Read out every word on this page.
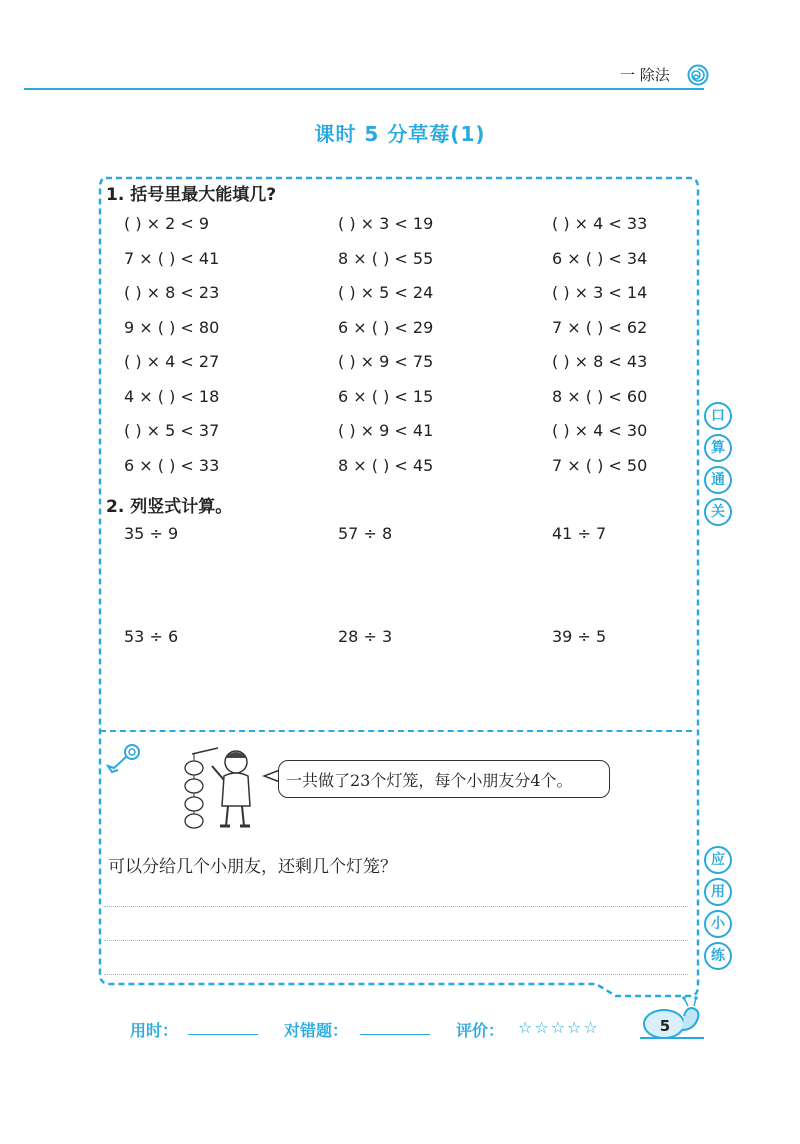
一 除法
课时 5 分草莓(1)
1. 括号里最大能填几?
( ) × 2 < 9	( ) × 3 < 19	( ) × 4 < 33
7 × ( ) < 41	8 × ( ) < 55	6 × ( ) < 34
( ) × 8 < 23	( ) × 5 < 24	( ) × 3 < 14
9 × ( ) < 80	6 × ( ) < 29	7 × ( ) < 62
( ) × 4 < 27	( ) × 9 < 75	( ) × 8 < 43
4 × ( ) < 18	6 × ( ) < 15	8 × ( ) < 60
( ) × 5 < 37	( ) × 9 < 41	( ) × 4 < 30
6 × ( ) < 33	8 × ( ) < 45	7 × ( ) < 50
2. 列竖式计算。
35 ÷ 9	57 ÷ 8	41 ÷ 7
53 ÷ 6	28 ÷ 3	39 ÷ 5
口
算
通
关
应
用
小
练
一共做了23个灯笼，每个小朋友分4个。
可以分给几个小朋友，还剩几个灯笼？
用时：	对错题：	评价： ☆☆☆☆☆	5
